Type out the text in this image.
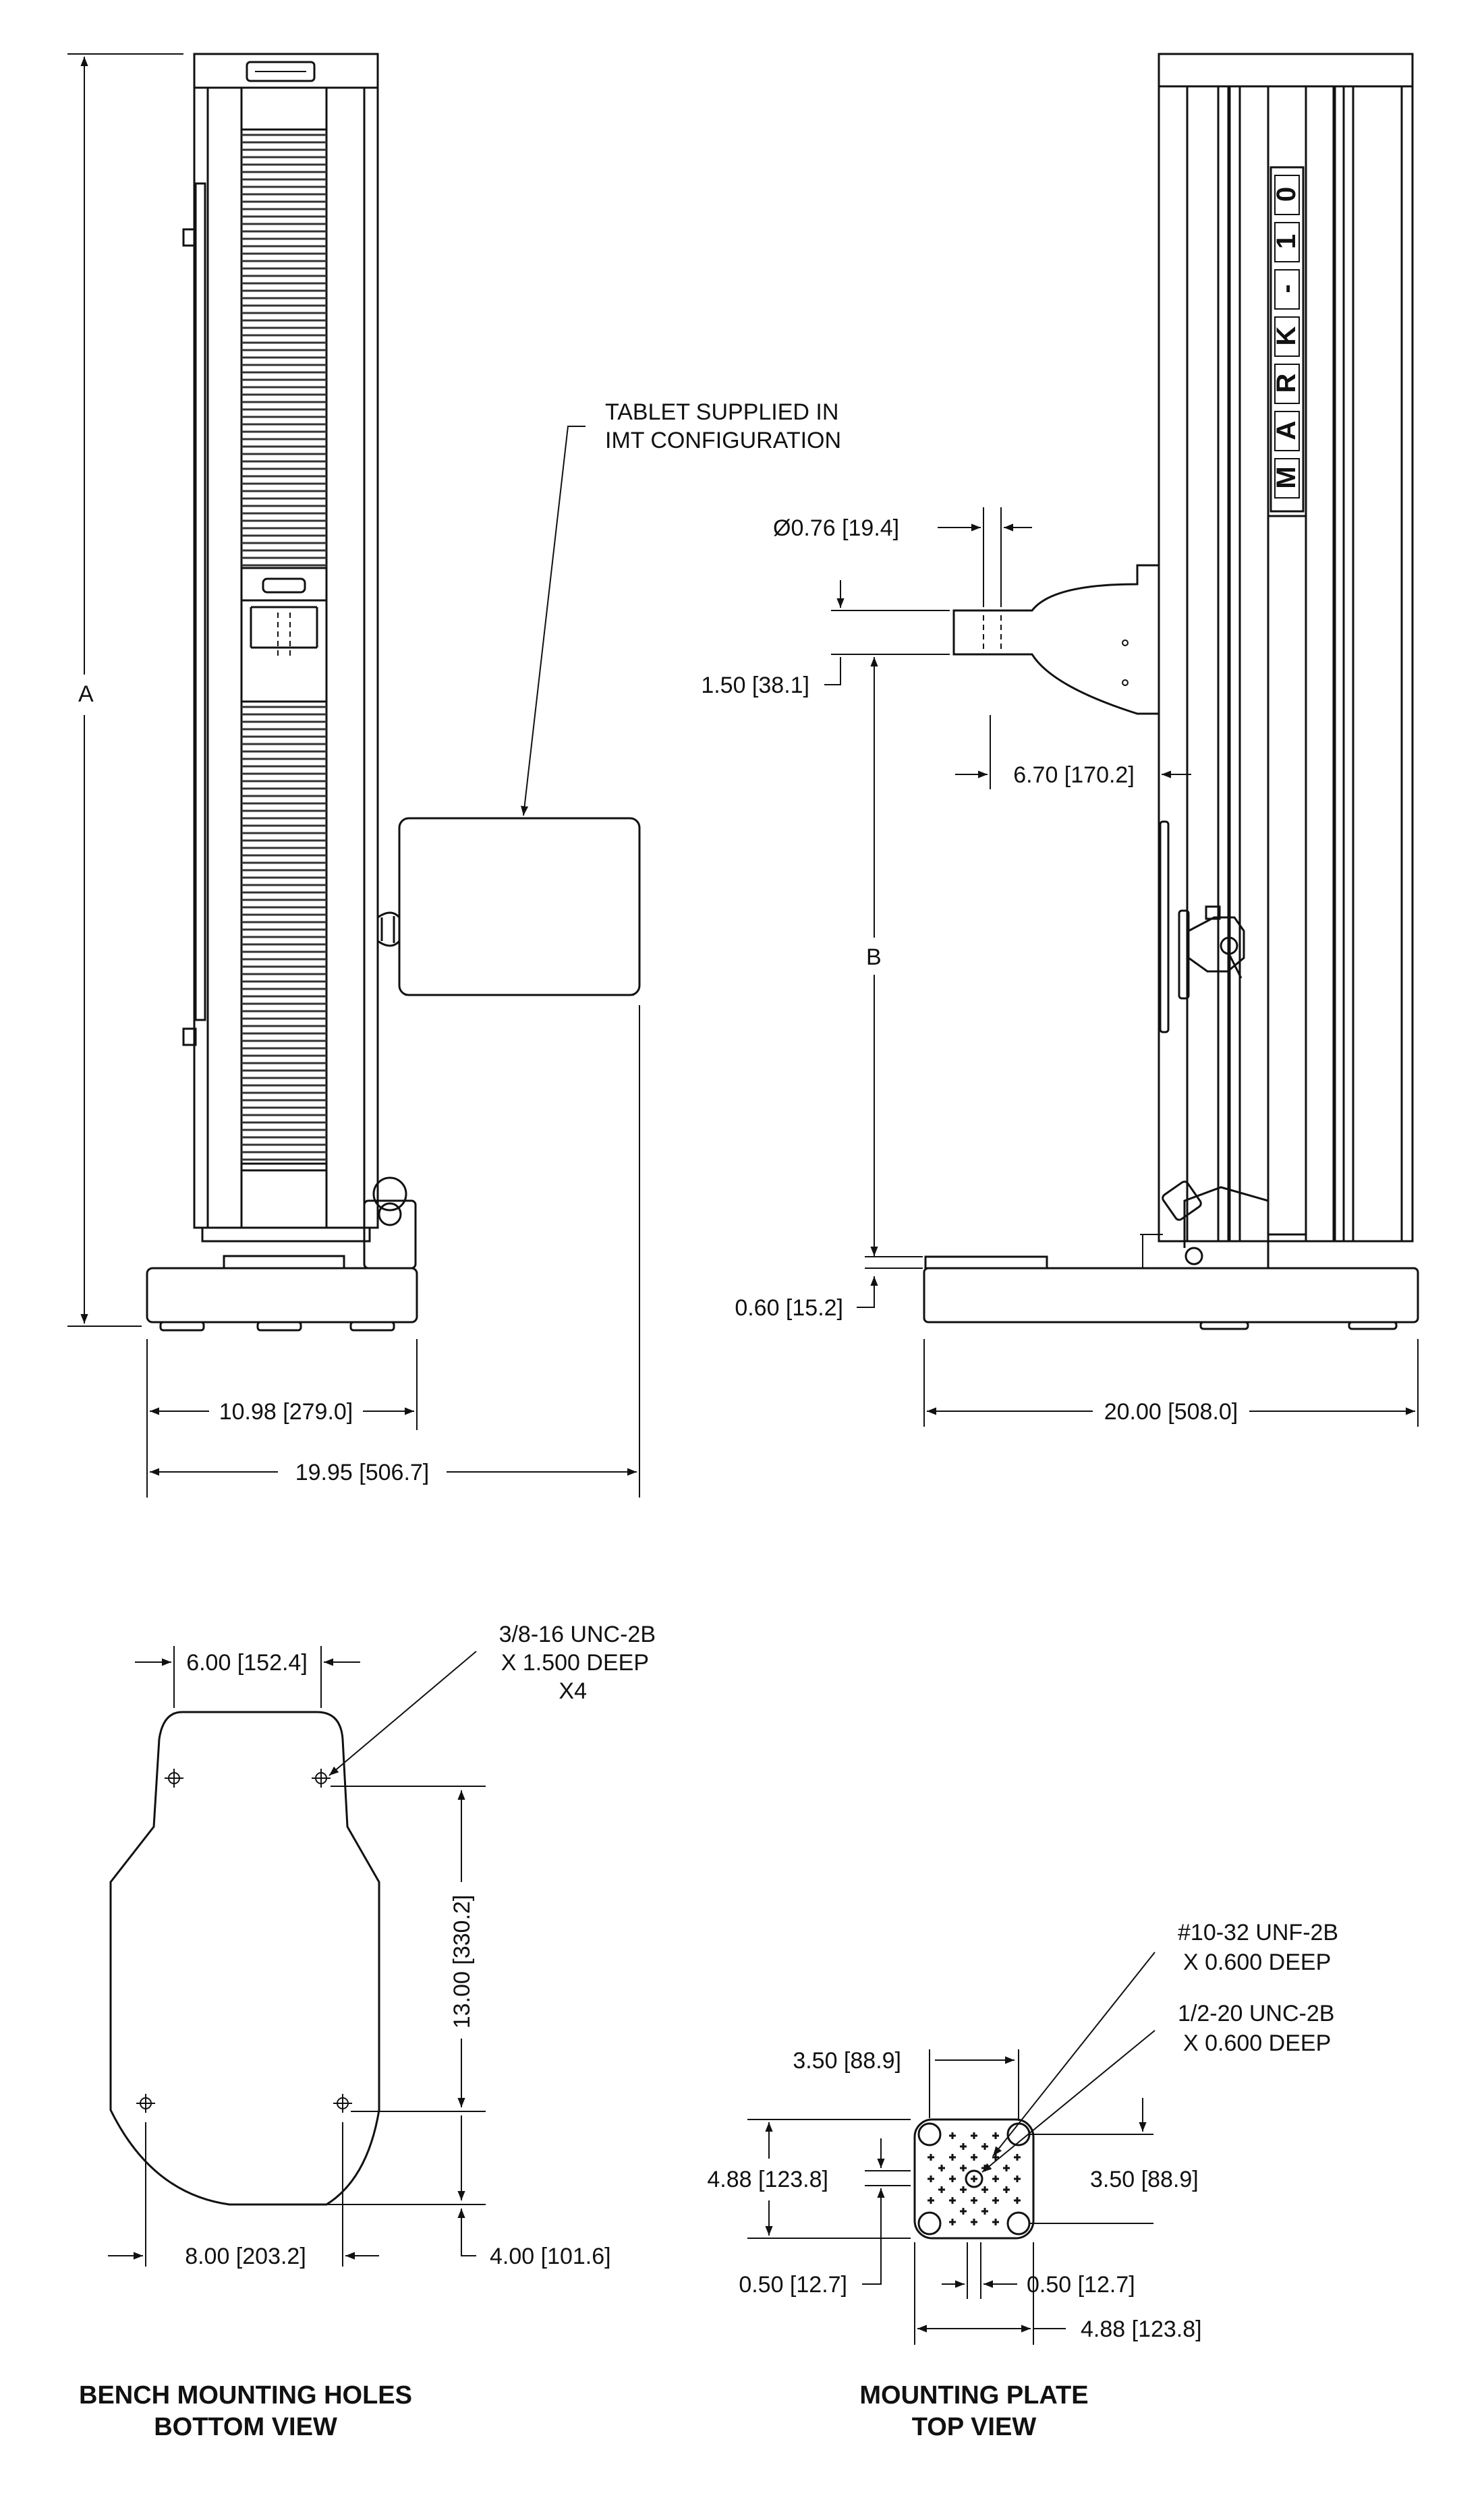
A
TABLET SUPPLIED IN
IMT CONFIGURATION
10.98 [279.0]
19.95 [506.7]
0
1
-
K
R
A
M
Ø0.76 [19.4]
1.50 [38.1]
6.70 [170.2]
B
0.60 [15.2]
20.00 [508.0]
6.00 [152.4]
3/8-16 UNC-2B
X 1.500 DEEP
X4
13.00 [330.2]
4.00 [101.6]
8.00 [203.2]
BENCH MOUNTING HOLES
BOTTOM VIEW
#10-32 UNF-2B
X 0.600 DEEP
1/2-20 UNC-2B
X 0.600 DEEP
3.50 [88.9]
4.88 [123.8]
0.50 [12.7]
3.50 [88.9]
0.50 [12.7]
4.88 [123.8]
MOUNTING PLATE
TOP VIEW
